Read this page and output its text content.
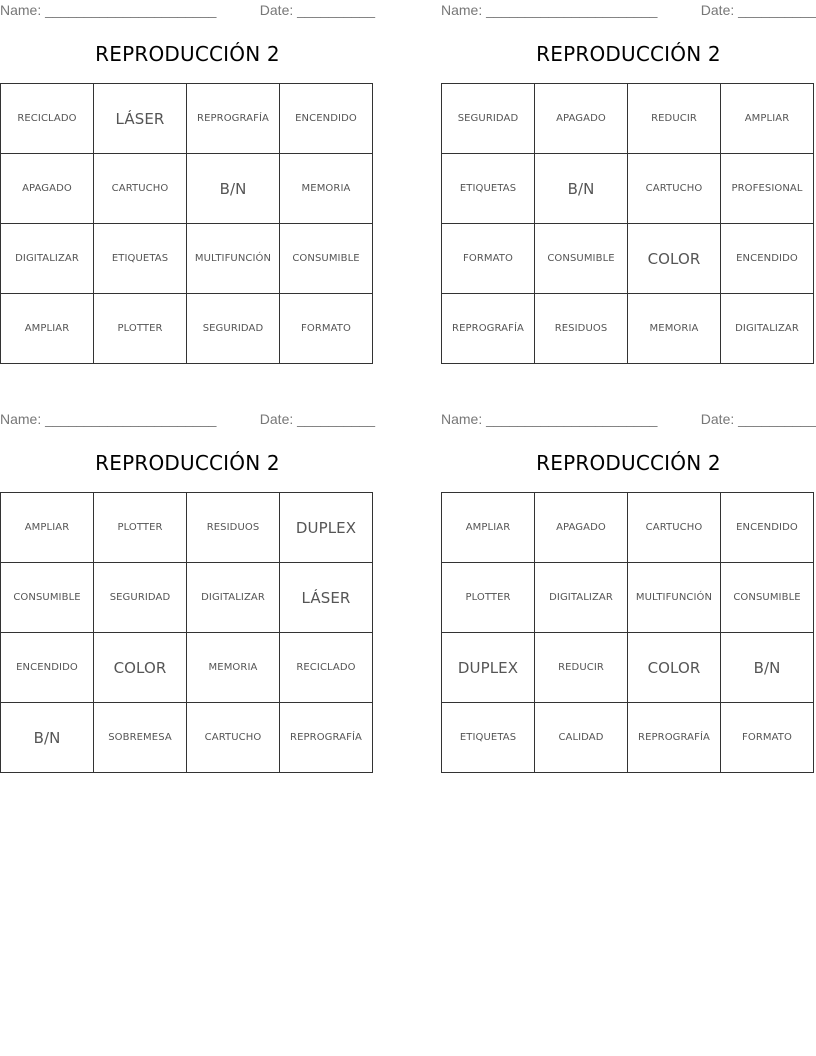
Name: ______________________	Date: __________
REPRODUCCIÓN 2
RECICLADO	LÁSER	REPROGRAFÍA	ENCENDIDO
APAGADO	CARTUCHO	B/N	MEMORIA
DIGITALIZAR	ETIQUETAS	MULTIFUNCIÓN	CONSUMIBLE
AMPLIAR	PLOTTER	SEGURIDAD	FORMATO
Name: ______________________	Date: __________
REPRODUCCIÓN 2
SEGURIDAD	APAGADO	REDUCIR	AMPLIAR
ETIQUETAS	B/N	CARTUCHO	PROFESIONAL
FORMATO	CONSUMIBLE	COLOR	ENCENDIDO
REPROGRAFÍA	RESIDUOS	MEMORIA	DIGITALIZAR
Name: ______________________	Date: __________
REPRODUCCIÓN 2
AMPLIAR	PLOTTER	RESIDUOS	DUPLEX
CONSUMIBLE	SEGURIDAD	DIGITALIZAR	LÁSER
ENCENDIDO	COLOR	MEMORIA	RECICLADO
B/N	SOBREMESA	CARTUCHO	REPROGRAFÍA
Name: ______________________	Date: __________
REPRODUCCIÓN 2
AMPLIAR	APAGADO	CARTUCHO	ENCENDIDO
PLOTTER	DIGITALIZAR	MULTIFUNCIÓN	CONSUMIBLE
DUPLEX	REDUCIR	COLOR	B/N
ETIQUETAS	CALIDAD	REPROGRAFÍA	FORMATO
